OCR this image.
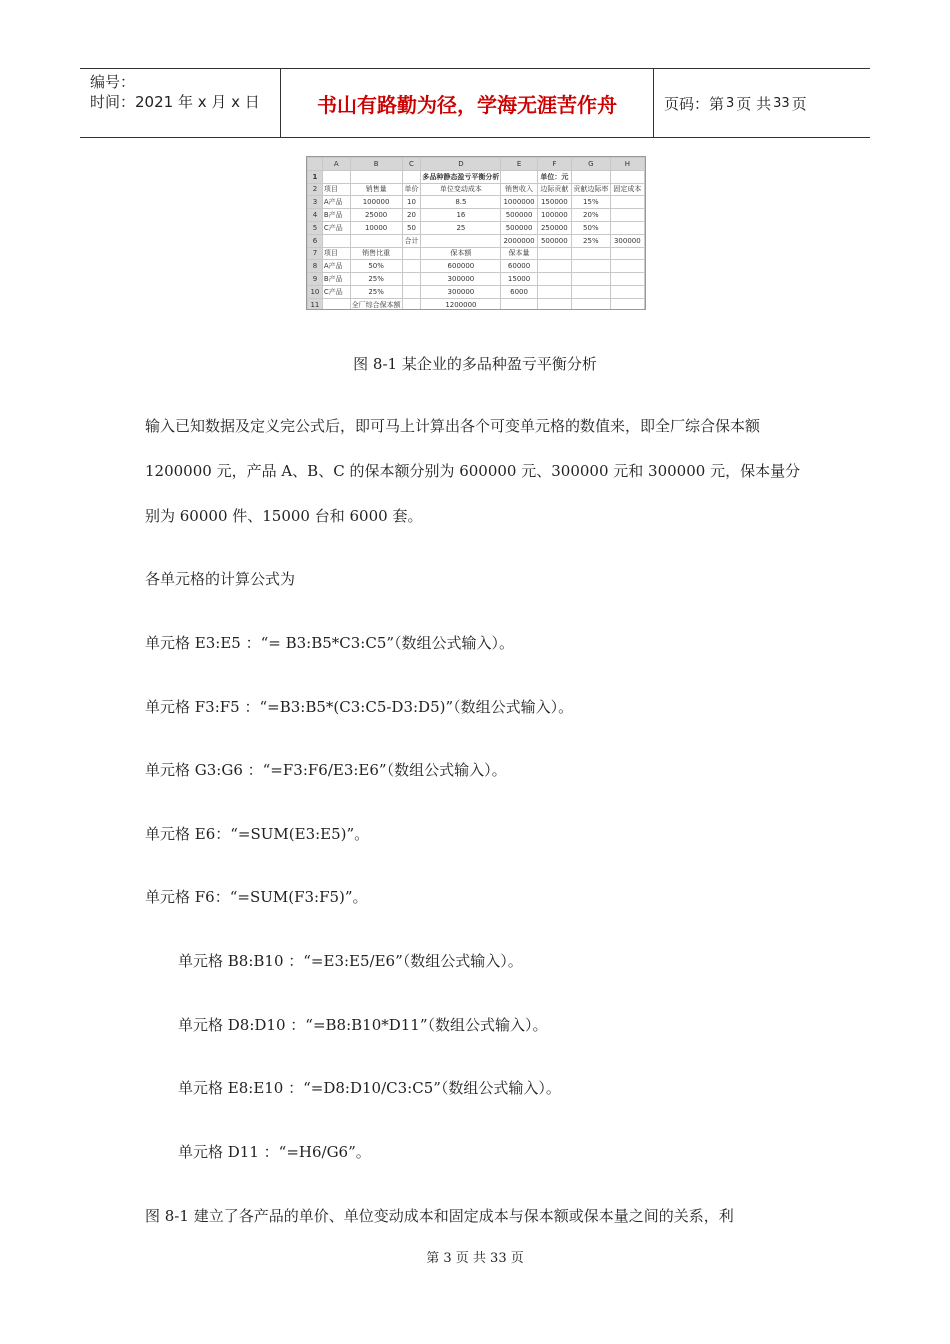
编号：
时间：2021 年 x 月 x 日	书山有路勤为径，学海无涯苦作舟	页码：第 3 页 共 33 页
	A	B	C	D	E	F	G	H
1				多品种静态盈亏平衡分析		单位：元		
2	项目	销售量	单价	单位变动成本	销售收入	边际贡献	贡献边际率	固定成本
3	A产品	100000	10	8.5	1000000	150000	15%	
4	B产品	25000	20	16	500000	100000	20%	
5	C产品	10000	50	25	500000	250000	50%	
6			合计		2000000	500000	25%	300000
7	项目	销售比重		保本额	保本量			
8	A产品	50%		600000	60000			
9	B产品	25%		300000	15000			
10	C产品	25%		300000	6000			
11		全厂综合保本额		1200000				
图 8-1 某企业的多品种盈亏平衡分析
输入已知数据及定义完公式后，即可马上计算出各个可变单元格的数值来，即全厂综合保本额 1200000 元，产品 A、B、C 的保本额分别为 600000 元、300000 元和 300000 元，保本量分别为 60000 件、15000 台和 6000 套。
各单元格的计算公式为
单元格 E3:E5 ：“= B3:B5*C3:C5”（数组公式输入）。
单元格 F3:F5 ：“=B3:B5*(C3:C5-D3:D5)”（数组公式输入）。
单元格 G3:G6 ：“=F3:F6/E3:E6”（数组公式输入）。
单元格 E6：“=SUM(E3:E5)”。
单元格 F6：“=SUM(F3:F5)”。
单元格 B8:B10 ：“=E3:E5/E6”（数组公式输入）。
单元格 D8:D10 ：“=B8:B10*D11”（数组公式输入）。
单元格 E8:E10 ：“=D8:D10/C3:C5”（数组公式输入）。
单元格 D11 ：“=H6/G6”。
图 8-1 建立了各产品的单价、单位变动成本和固定成本与保本额或保本量之间的关系，利
第 3 页 共 33 页
